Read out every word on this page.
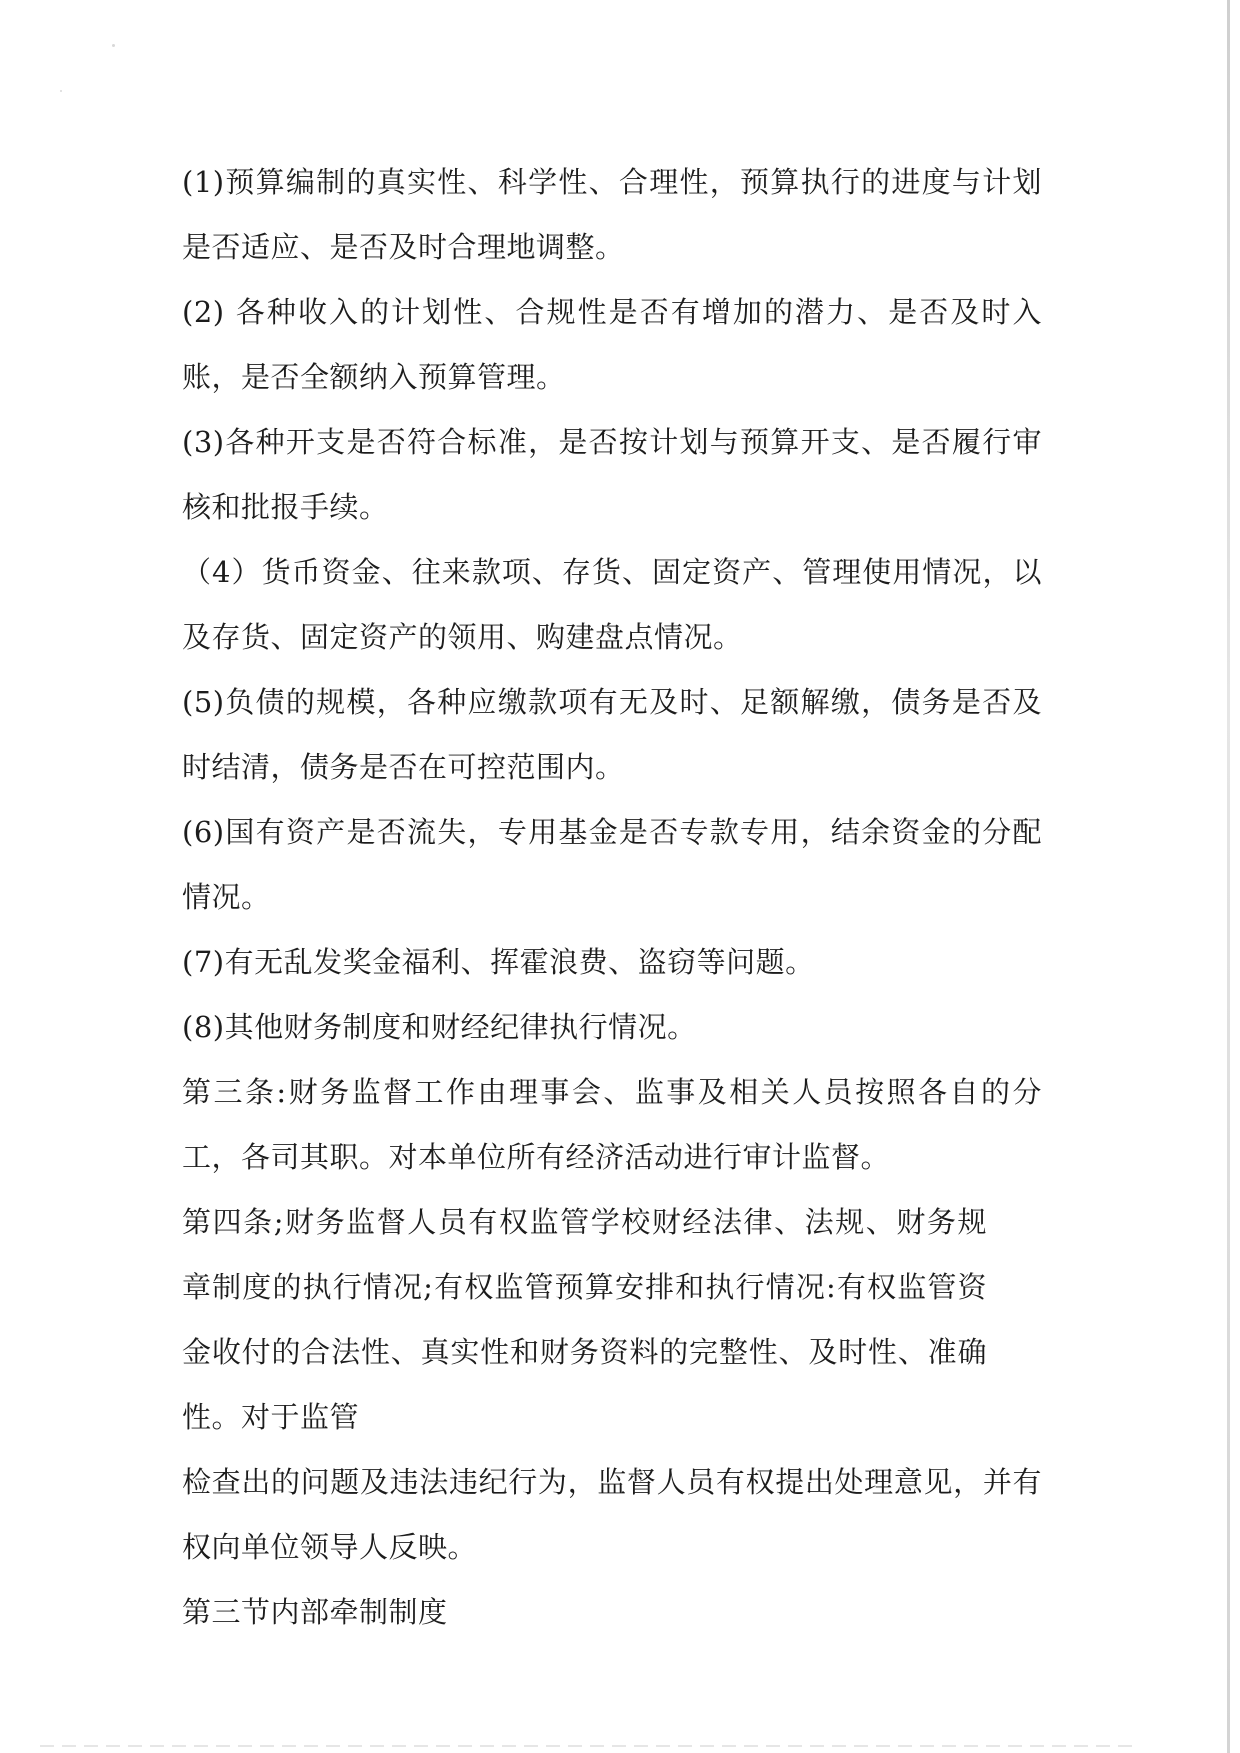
(1)预算编制的真实性、科学性、合理性，预算执行的进度与计划是否适应、是否及时合理地调整。

(2) 各种收入的计划性、合规性是否有增加的潜力、是否及时入账，是否全额纳入预算管理。

(3)各种开支是否符合标准，是否按计划与预算开支、是否履行审核和批报手续。

（4）货币资金、往来款项、存货、固定资产、管理使用情况，以及存货、固定资产的领用、购建盘点情况。

(5)负债的规模，各种应缴款项有无及时、足额解缴，债务是否及时结清，债务是否在可控范围内。

(6)国有资产是否流失，专用基金是否专款专用，结余资金的分配情况。

(7)有无乱发奖金福利、挥霍浪费、盗窃等问题。

(8)其他财务制度和财经纪律执行情况。

第三条:财务监督工作由理事会、监事及相关人员按照各自的分工，各司其职。对本单位所有经济活动进行审计监督。

第四条;财务监督人员有权监管学校财经法律、法规、财务规章制度的执行情况;有权监管预算安排和执行情况:有权监管资金收付的合法性、真实性和财务资料的完整性、及时性、准确性。对于监管

检查出的问题及违法违纪行为，监督人员有权提出处理意见，并有权向单位领导人反映。

第三节内部牵制制度
